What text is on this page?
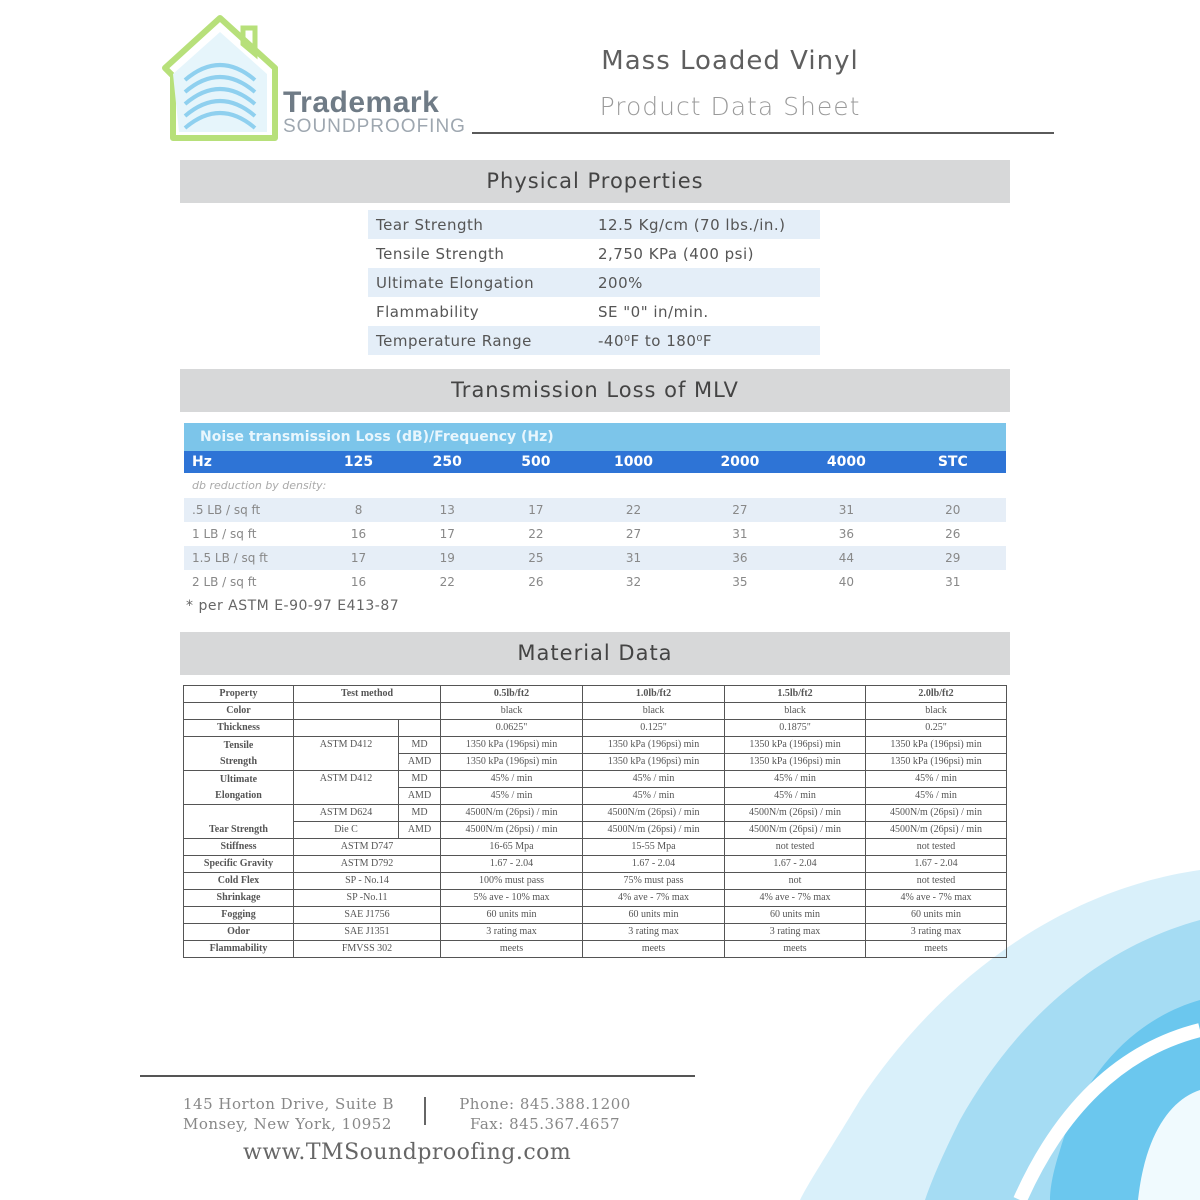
Trademark
SOUNDPROOFING
Mass Loaded Vinyl
Product Data Sheet
Physical Properties
Tear Strength	12.5 Kg/cm (70 lbs./in.)
Tensile Strength	2,750 KPa (400 psi)
Ultimate Elongation	200%
Flammability	SE "0" in/min.
Temperature Range	-40⁰F to 180⁰F
Transmission Loss of MLV
Noise transmission Loss (dB)/Frequency (Hz)
Hz	125	250	500	1000	2000	4000	STC
db reduction by density:
.5 LB / sq ft	8	13	17	22	27	31	20
1 LB / sq ft	16	17	22	27	31	36	26
1.5 LB / sq ft	17	19	25	31	36	44	29
2 LB / sq ft	16	22	26	32	35	40	31
* per ASTM E-90-97 E413-87
Material Data
Property	Test method		0.5lb/ft2	1.0lb/ft2	1.5lb/ft2	2.0lb/ft2
Color			black	black	black	black
Thickness			0.0625"	0.125"	0.1875"	0.25"
Tensile
Strength	ASTM D412	MD	1350 kPa (196psi) min	1350 kPa (196psi) min	1350 kPa (196psi) min	1350 kPa (196psi) min
		AMD	1350 kPa (196psi) min	1350 kPa (196psi) min	1350 kPa (196psi) min	1350 kPa (196psi) min
Ultimate
Elongation	ASTM D412	MD	45% / min	45% / min	45% / min	45% / min
		AMD	45% / min	45% / min	45% / min	45% / min
Tear Strength	ASTM D624	MD	4500N/m (26psi) / min	4500N/m (26psi) / min	4500N/m (26psi) / min	4500N/m (26psi) / min
	Die C	AMD	4500N/m (26psi) / min	4500N/m (26psi) / min	4500N/m (26psi) / min	4500N/m (26psi) / min
Stiffness	ASTM D747		16-65 Mpa	15-55 Mpa	not tested	not tested
Specific Gravity	ASTM D792		1.67 - 2.04	1.67 - 2.04	1.67 - 2.04	1.67 - 2.04
Cold Flex	SP - No.14		100% must pass	75% must pass	not	not tested
Shrinkage	SP -No.11		5% ave - 10% max	4% ave - 7% max	4% ave - 7% max	4% ave - 7% max
Fogging	SAE J1756		60 units min	60 units min	60 units min	60 units min
Odor	SAE J1351		3 rating max	3 rating max	3 rating max	3 rating max
Flammability	FMVSS 302		meets	meets	meets	meets
145 Horton Drive, Suite B
Monsey, New York, 10952
Phone: 845.388.1200
Fax: 845.367.4657
www.TMSoundproofing.com
